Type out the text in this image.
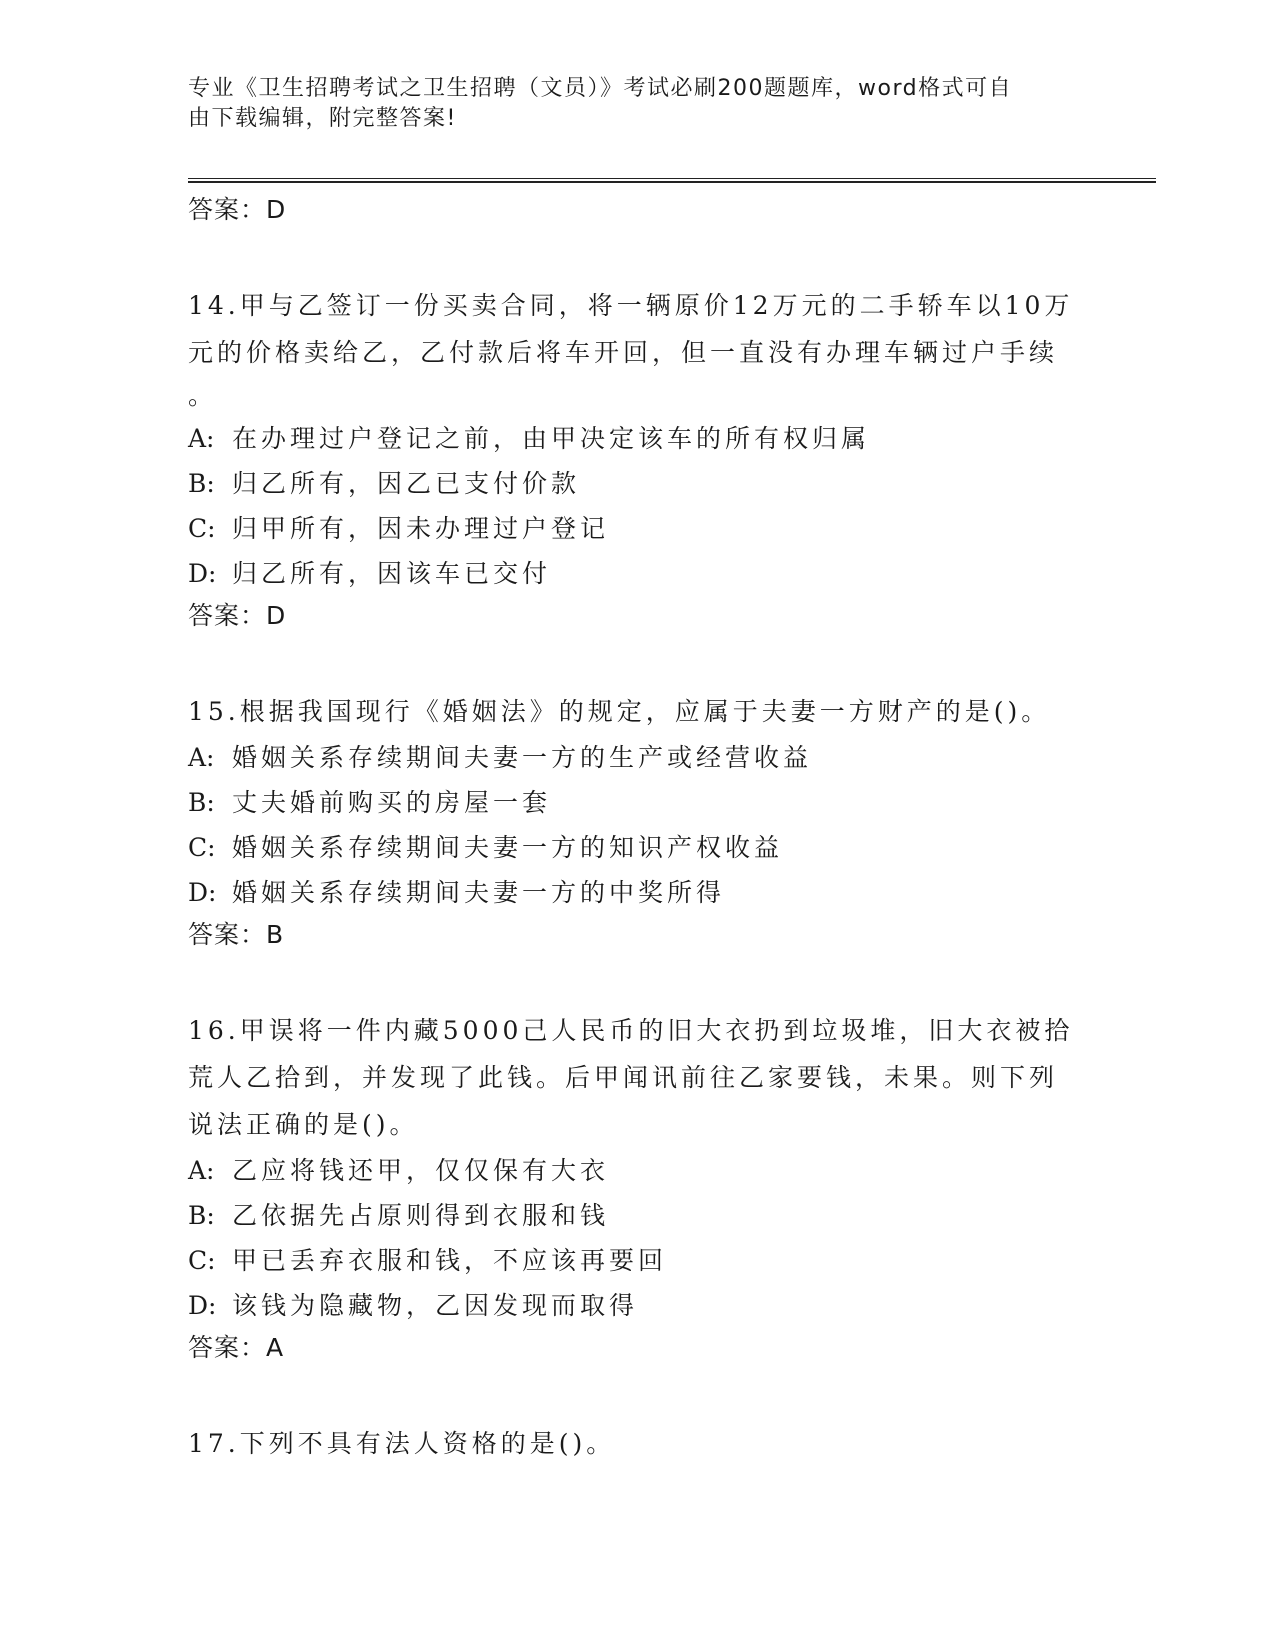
专业《卫生招聘考试之卫生招聘（文员）》考试必刷200题题库，word格式可自
由下载编辑，附完整答案!

答案：D

14.甲与乙签订一份买卖合同，将一辆原价12万元的二手轿车以10万

元的价格卖给乙，乙付款后将车开回，但一直没有办理车辆过户手续

。

A: 在办理过户登记之前，由甲决定该车的所有权归属

B: 归乙所有，因乙已支付价款

C: 归甲所有，因未办理过户登记

D: 归乙所有，因该车已交付

答案：D

15.根据我国现行《婚姻法》的规定，应属于夫妻一方财产的是()。

A: 婚姻关系存续期间夫妻一方的生产或经营收益

B: 丈夫婚前购买的房屋一套

C: 婚姻关系存续期间夫妻一方的知识产权收益

D: 婚姻关系存续期间夫妻一方的中奖所得

答案：B

16.甲误将一件内藏5000己人民币的旧大衣扔到垃圾堆，旧大衣被拾

荒人乙拾到，并发现了此钱。后甲闻讯前往乙家要钱，未果。则下列

说法正确的是()。

A: 乙应将钱还甲，仅仅保有大衣

B: 乙依据先占原则得到衣服和钱

C: 甲已丢弃衣服和钱，不应该再要回

D: 该钱为隐藏物，乙因发现而取得

答案：A

17.下列不具有法人资格的是()。
